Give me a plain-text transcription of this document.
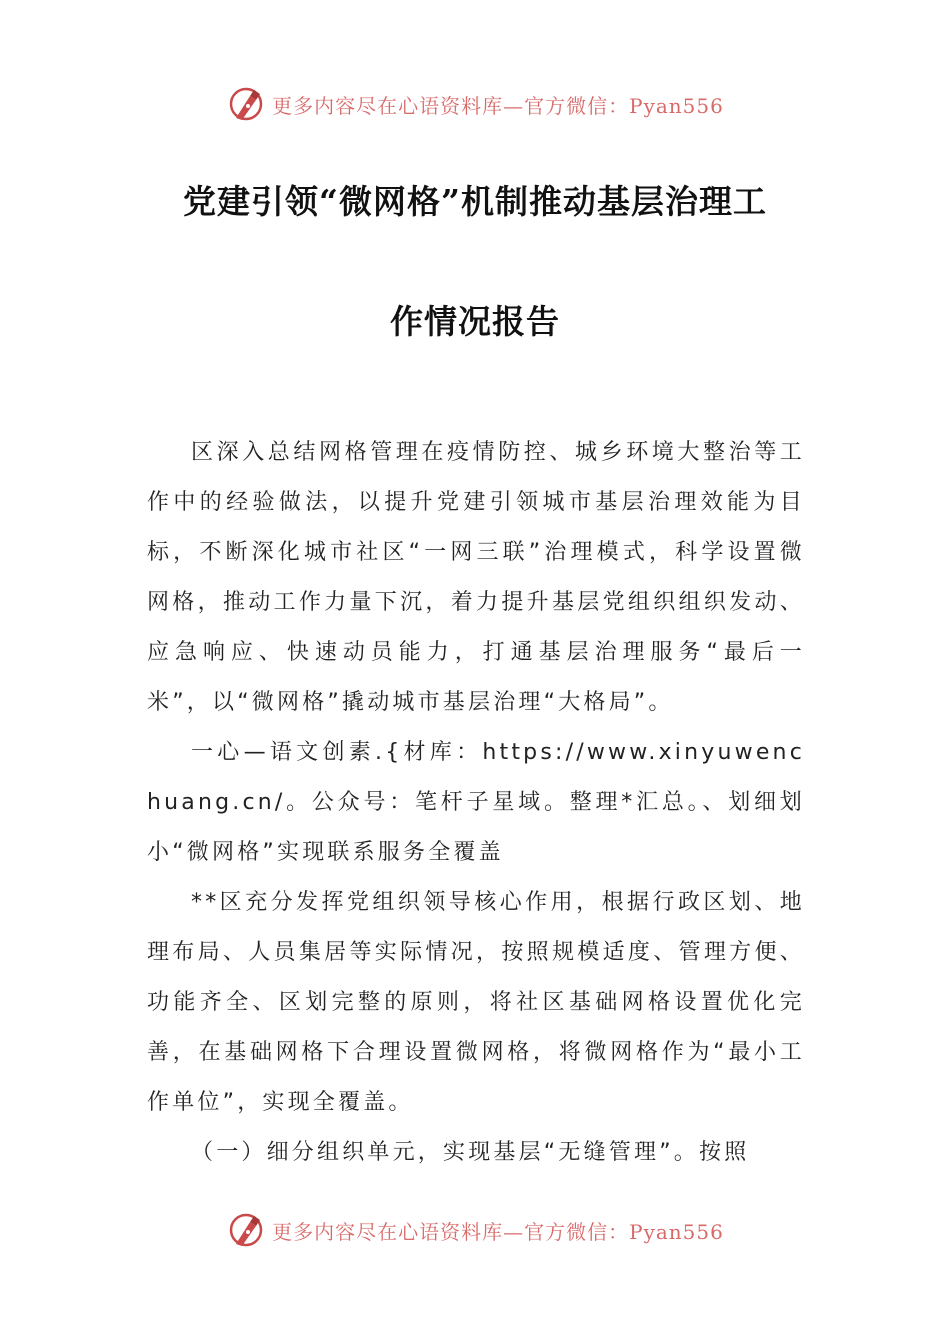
更多内容尽在心语资料库—官方微信：Pyan556
党建引领“微网格”机制推动基层治理工
作情况报告

区深入总结网格管理在疫情防控、城乡环境大整治等工作中的经验做法，以提升党建引领城市基层治理效能为目标，不断深化城市社区“一网三联”治理模式，科学设置微网格，推动工作力量下沉，着力提升基层党组织组织发动、应急响应、快速动员能力，打通基层治理服务“最后一米”，以“微网格”撬动城市基层治理“大格局”。

一心—语文创素.{材库：https://www.xinyuwenchuang.cn/。公众号：笔杆子星域。整理*汇总。、划细划小“微网格”实现联系服务全覆盖

**区充分发挥党组织领导核心作用，根据行政区划、地理布局、人员集居等实际情况，按照规模适度、管理方便、功能齐全、区划完整的原则，将社区基础网格设置优化完善，在基础网格下合理设置微网格，将微网格作为“最小工作单位”，实现全覆盖。

（一）细分组织单元，实现基层“无缝管理”。按照

更多内容尽在心语资料库—官方微信：Pyan556
